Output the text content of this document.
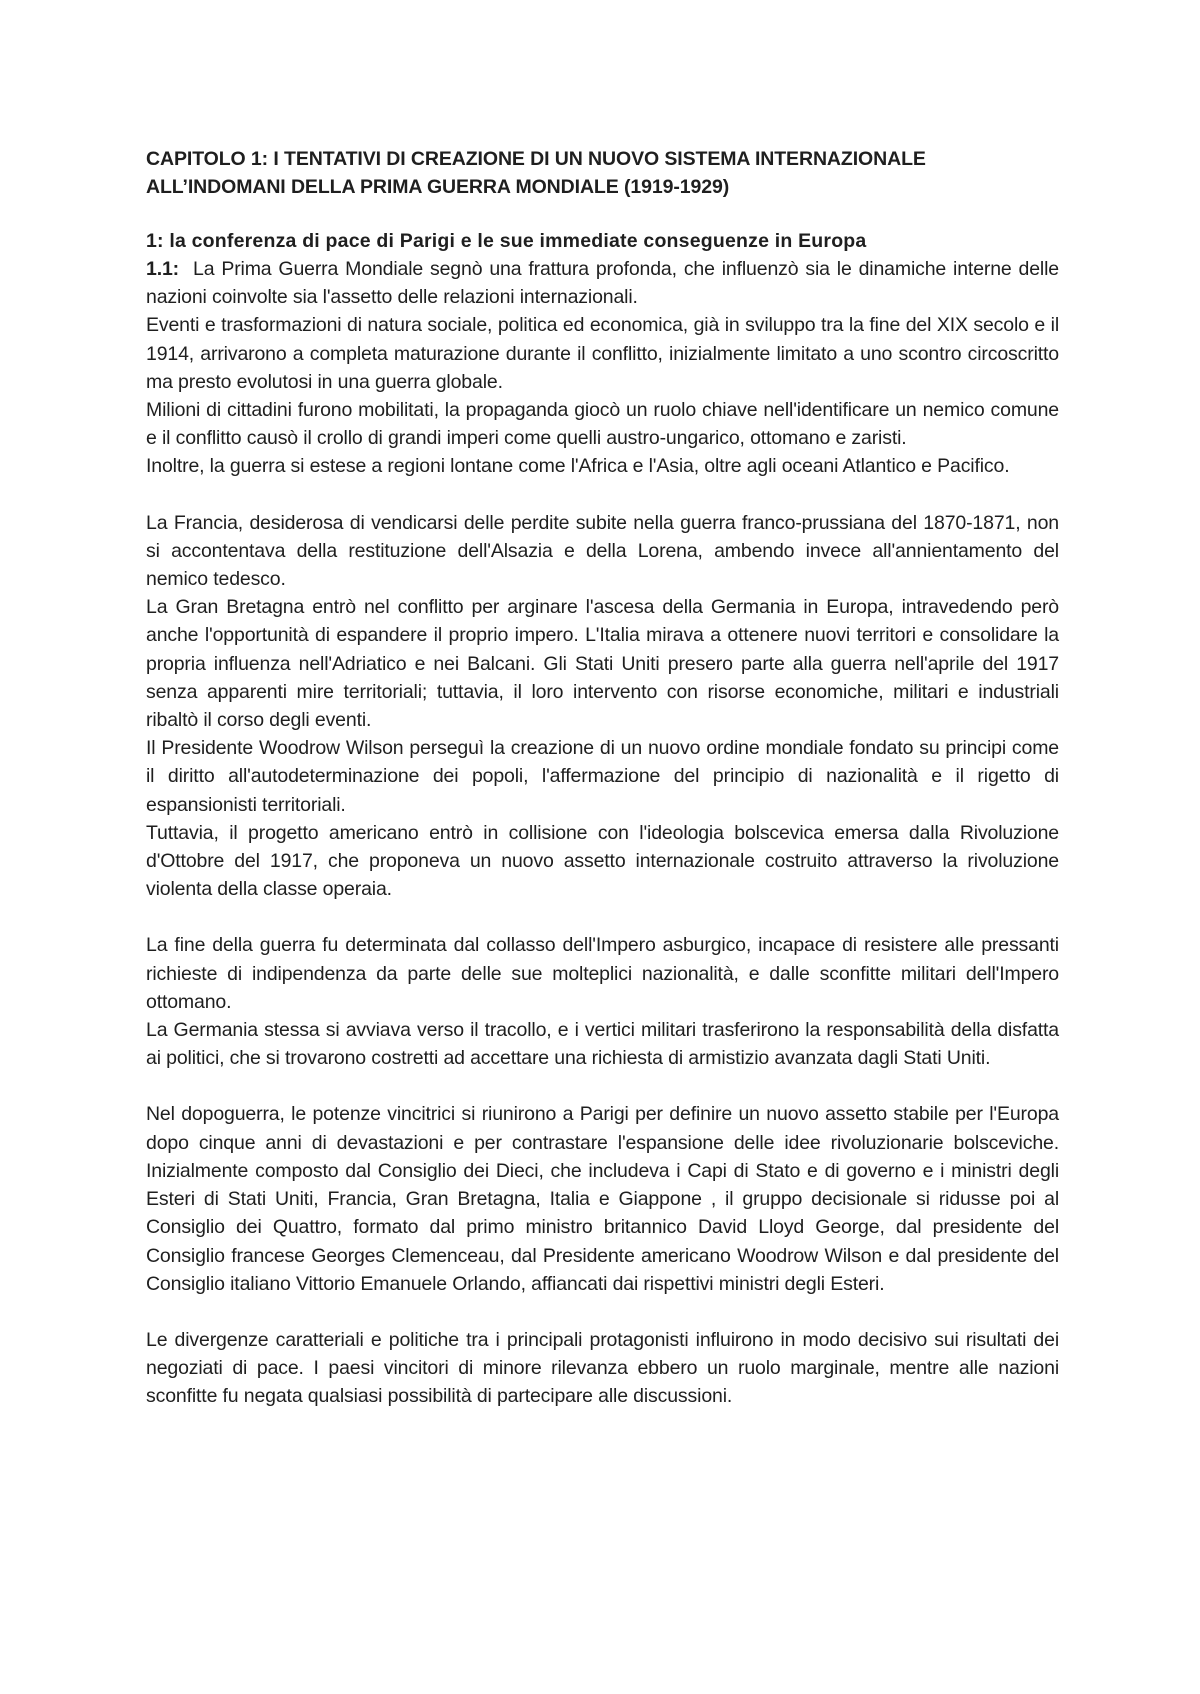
CAPITOLO 1: I TENTATIVI DI CREAZIONE DI UN NUOVO SISTEMA INTERNAZIONALE
ALL’INDOMANI DELLA PRIMA GUERRA MONDIALE (1919-1929)

1: la conferenza di pace di Parigi e le sue immediate conseguenze in Europa

1.1: La Prima Guerra Mondiale segnò una frattura profonda, che influenzò sia le dinamiche interne delle nazioni coinvolte sia l'assetto delle relazioni internazionali.

Eventi e trasformazioni di natura sociale, politica ed economica, già in sviluppo tra la fine del XIX secolo e il 1914, arrivarono a completa maturazione durante il conflitto, inizialmente limitato a uno scontro circoscritto ma presto evolutosi in una guerra globale.

Milioni di cittadini furono mobilitati, la propaganda giocò un ruolo chiave nell'identificare un nemico comune e il conflitto causò il crollo di grandi imperi come quelli austro-ungarico, ottomano e zaristi.

Inoltre, la guerra si estese a regioni lontane come l'Africa e l'Asia, oltre agli oceani Atlantico e Pacifico.

La Francia, desiderosa di vendicarsi delle perdite subite nella guerra franco-prussiana del 1870-1871, non si accontentava della restituzione dell'Alsazia e della Lorena, ambendo invece all'annientamento del nemico tedesco.

La Gran Bretagna entrò nel conflitto per arginare l'ascesa della Germania in Europa, intravedendo però anche l'opportunità di espandere il proprio impero. L'Italia mirava a ottenere nuovi territori e consolidare la propria influenza nell'Adriatico e nei Balcani. Gli Stati Uniti presero parte alla guerra nell'aprile del 1917 senza apparenti mire territoriali; tuttavia, il loro intervento con risorse economiche, militari e industriali ribaltò il corso degli eventi.

Il Presidente Woodrow Wilson perseguì la creazione di un nuovo ordine mondiale fondato su principi come il diritto all'autodeterminazione dei popoli, l'affermazione del principio di nazionalità e il rigetto di espansionisti territoriali.

Tuttavia, il progetto americano entrò in collisione con l'ideologia bolscevica emersa dalla Rivoluzione d'Ottobre del 1917, che proponeva un nuovo assetto internazionale costruito attraverso la rivoluzione violenta della classe operaia.

La fine della guerra fu determinata dal collasso dell'Impero asburgico, incapace di resistere alle pressanti richieste di indipendenza da parte delle sue molteplici nazionalità, e dalle sconfitte militari dell'Impero ottomano.

La Germania stessa si avviava verso il tracollo, e i vertici militari trasferirono la responsabilità della disfatta ai politici, che si trovarono costretti ad accettare una richiesta di armistizio avanzata dagli Stati Uniti.

Nel dopoguerra, le potenze vincitrici si riunirono a Parigi per definire un nuovo assetto stabile per l'Europa dopo cinque anni di devastazioni e per contrastare l'espansione delle idee rivoluzionarie bolsceviche. Inizialmente composto dal Consiglio dei Dieci, che includeva i Capi di Stato e di governo e i ministri degli Esteri di Stati Uniti, Francia, Gran Bretagna, Italia e Giappone , il gruppo decisionale si ridusse poi al Consiglio dei Quattro, formato dal primo ministro britannico David Lloyd George, dal presidente del Consiglio francese Georges Clemenceau, dal Presidente americano Woodrow Wilson e dal presidente del Consiglio italiano Vittorio Emanuele Orlando, affiancati dai rispettivi ministri degli Esteri.

Le divergenze caratteriali e politiche tra i principali protagonisti influirono in modo decisivo sui risultati dei negoziati di pace. I paesi vincitori di minore rilevanza ebbero un ruolo marginale, mentre alle nazioni sconfitte fu negata qualsiasi possibilità di partecipare alle discussioni.
